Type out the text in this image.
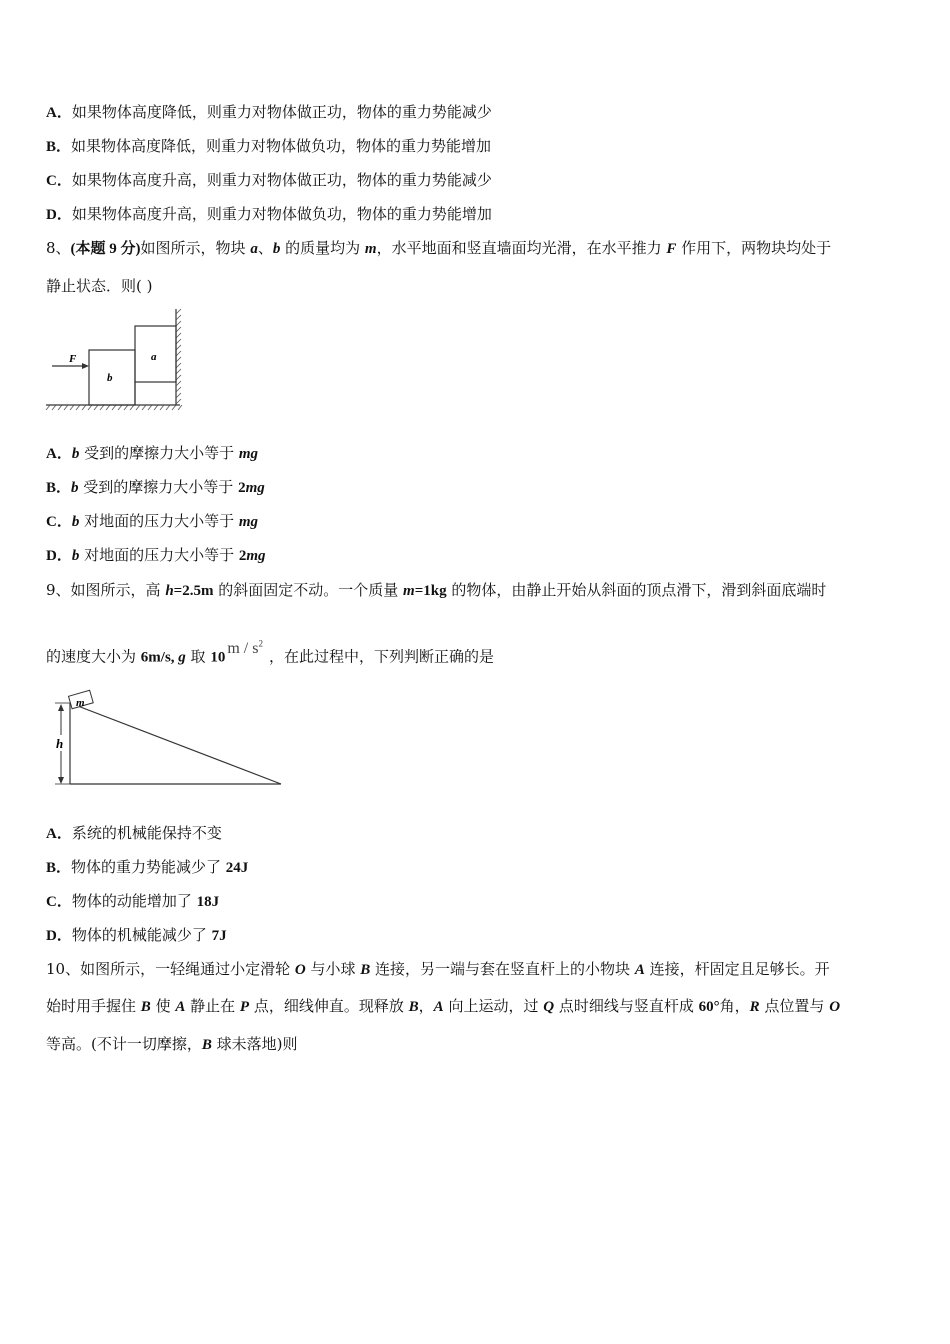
A．如果物体高度降低，则重力对物体做正功，物体的重力势能减少
B．如果物体高度降低，则重力对物体做负功，物体的重力势能增加
C．如果物体高度升高，则重力对物体做正功，物体的重力势能减少
D．如果物体高度升高，则重力对物体做负功，物体的重力势能增加
8、(本题 9 分)如图所示，物块 a、b 的质量均为 m，水平地面和竖直墙面均光滑，在水平推力 F 作用下，两物块均处于
静止状态．则( )
F
b
a
A．b 受到的摩擦力大小等于 mg
B．b 受到的摩擦力大小等于 2mg
C．b 对地面的压力大小等于 mg
D．b 对地面的压力大小等于 2mg
9、如图所示，高 h=2.5m 的斜面固定不动。一个质量 m=1kg 的物体，由静止开始从斜面的顶点滑下，滑到斜面底端时
的速度大小为 6m/s, g 取 10 m / $s^2$，在此过程中，下列判断正确的是
m
h
A．系统的机械能保持不变
B．物体的重力势能减少了 24J
C．物体的动能增加了 18J
D．物体的机械能减少了 7J
10、如图所示，一轻绳通过小定滑轮 O 与小球 B 连接，另一端与套在竖直杆上的小物块 A 连接，杆固定且足够长。开
始时用手握住 B 使 A 静止在 P 点，细线伸直。现释放 B，A 向上运动，过 Q 点时细线与竖直杆成 60°角，R 点位置与 O
等高。(不计一切摩擦，B 球未落地)则
